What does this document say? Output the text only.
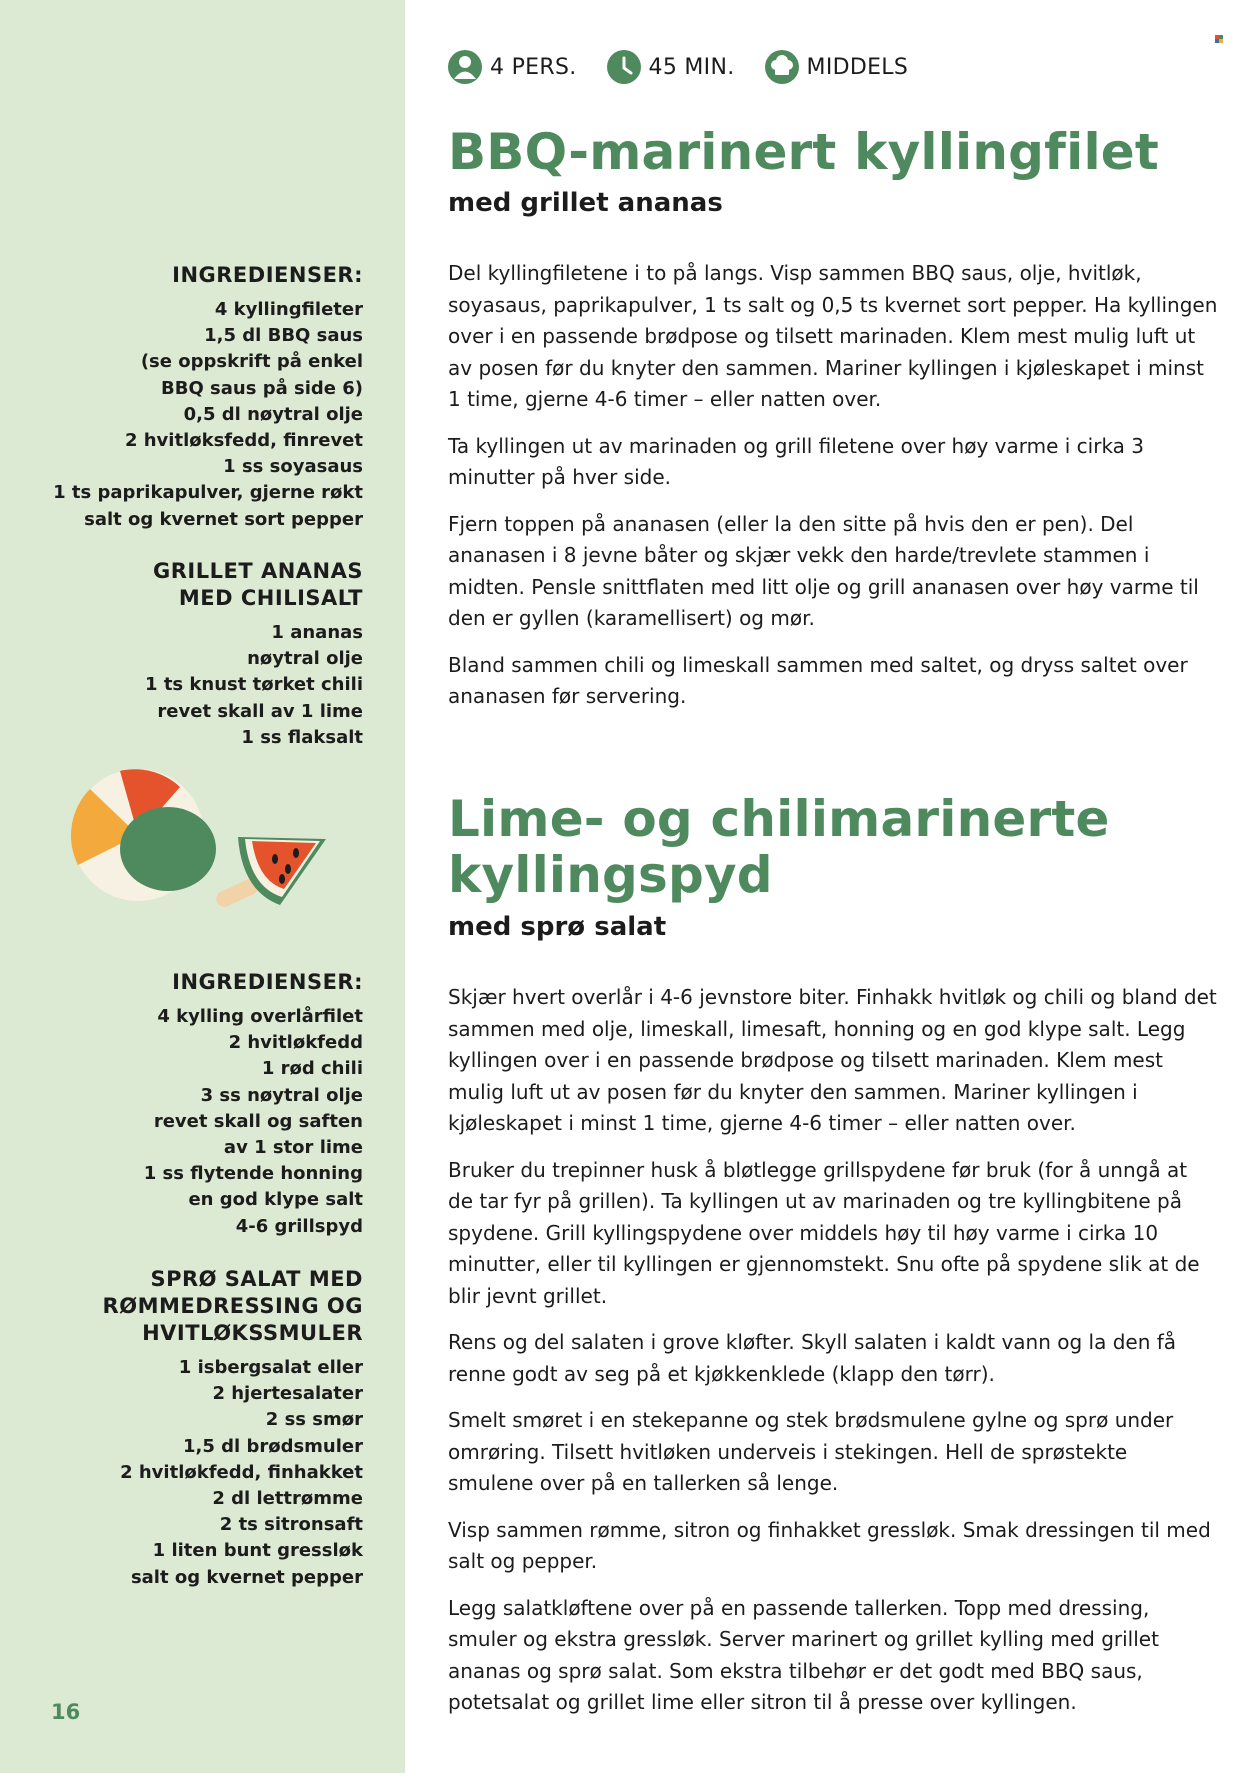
INGREDIENSER:
4 kyllingfileter
1,5 dl BBQ saus
(se oppskrift på enkel
BBQ saus på side 6)
0,5 dl nøytral olje
2 hvitløksfedd, finrevet
1 ss soyasaus
1 ts paprikapulver, gjerne røkt
salt og kvernet sort pepper
GRILLET ANANAS
MED CHILISALT
1 ananas
nøytral olje
1 ts knust tørket chili
revet skall av 1 lime
1 ss flaksalt
INGREDIENSER:
4 kylling overlårfilet
2 hvitløkfedd
1 rød chili
3 ss nøytral olje
revet skall og saften
av 1 stor lime
1 ss flytende honning
en god klype salt
4-6 grillspyd
SPRØ SALAT MED
RØMMEDRESSING OG
HVITLØKSSMULER
1 isbergsalat eller
2 hjertesalater
2 ss smør
1,5 dl brødsmuler
2 hvitløkfedd, finhakket
2 dl lettrømme
2 ts sitronsaft
1 liten bunt gressløk
salt og kvernet pepper
16
4 PERS.	45 MIN.	MIDDELS
BBQ-marinert kyllingfilet
med grillet ananas

Del kyllingfiletene i to på langs. Visp sammen BBQ saus, olje, hvitløk, soyasaus, paprikapulver, 1 ts salt og 0,5 ts kvernet sort pepper. Ha kyllingen over i en passende brødpose og tilsett marinaden. Klem mest mulig luft ut av posen før du knyter den sammen. Mariner kyllingen i kjøleskapet i minst 1 time, gjerne 4-6 timer – eller natten over.

Ta kyllingen ut av marinaden og grill filetene over høy varme i cirka 3 minutter på hver side.

Fjern toppen på ananasen (eller la den sitte på hvis den er pen). Del ananasen i 8 jevne båter og skjær vekk den harde/trevlete stammen i midten. Pensle snittflaten med litt olje og grill ananasen over høy varme til den er gyllen (karamellisert) og mør.

Bland sammen chili og limeskall sammen med saltet, og dryss saltet over ananasen før servering.

Lime- og chilimarinerte
kyllingspyd
med sprø salat

Skjær hvert overlår i 4-6 jevnstore biter. Finhakk hvitløk og chili og bland det sammen med olje, limeskall, limesaft, honning og en god klype salt. Legg kyllingen over i en passende brødpose og tilsett marinaden. Klem mest mulig luft ut av posen før du knyter den sammen. Mariner kyllingen i kjøleskapet i minst 1 time, gjerne 4-6 timer – eller natten over.

Bruker du trepinner husk å bløtlegge grillspydene før bruk (for å unngå at de tar fyr på grillen). Ta kyllingen ut av marinaden og tre kyllingbitene på spydene. Grill kyllingspydene over middels høy til høy varme i cirka 10 minutter, eller til kyllingen er gjennomstekt. Snu ofte på spydene slik at de blir jevnt grillet.

Rens og del salaten i grove kløfter. Skyll salaten i kaldt vann og la den få renne godt av seg på et kjøkkenklede (klapp den tørr).

Smelt smøret i en stekepanne og stek brødsmulene gylne og sprø under omrøring. Tilsett hvitløken underveis i stekingen. Hell de sprøstekte smulene over på en tallerken så lenge.

Visp sammen rømme, sitron og finhakket gressløk. Smak dressingen til med salt og pepper.

Legg salatkløftene over på en passende tallerken. Topp med dressing, smuler og ekstra gressløk. Server marinert og grillet kylling med grillet ananas og sprø salat. Som ekstra tilbehør er det godt med BBQ saus, potetsalat og grillet lime eller sitron til å presse over kyllingen.
